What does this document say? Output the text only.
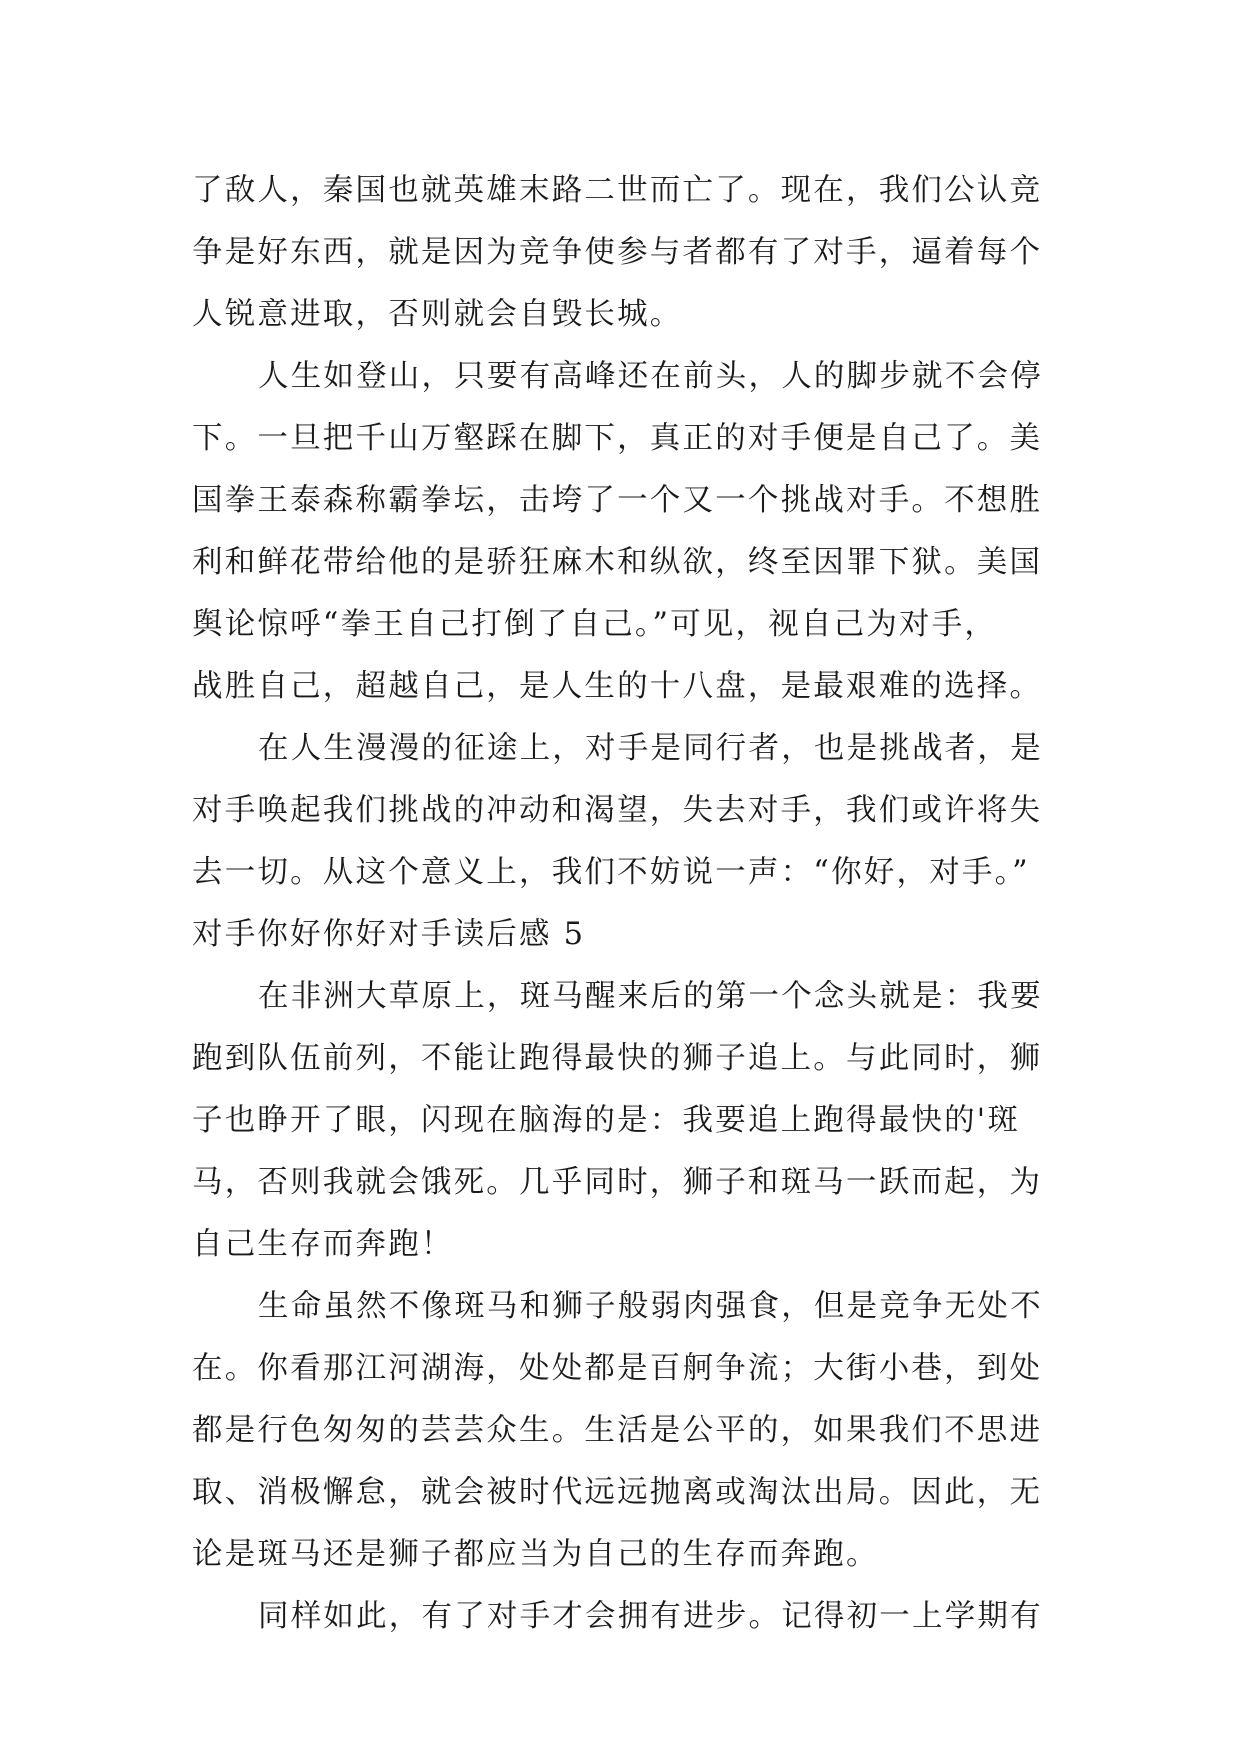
了敌人，秦国也就英雄末路二世而亡了。现在，我们公认竞
争是好东西，就是因为竞争使参与者都有了对手，逼着每个
人锐意进取，否则就会自毁长城。
人生如登山，只要有高峰还在前头，人的脚步就不会停
下。一旦把千山万壑踩在脚下，真正的对手便是自己了。美
国拳王泰森称霸拳坛，击垮了一个又一个挑战对手。不想胜
利和鲜花带给他的是骄狂麻木和纵欲，终至因罪下狱。美国
舆论惊呼“拳王自己打倒了自己。”可见，视自己为对手，
战胜自己，超越自己，是人生的十八盘，是最艰难的选择。
在人生漫漫的征途上，对手是同行者，也是挑战者，是
对手唤起我们挑战的冲动和渴望，失去对手，我们或许将失
去一切。从这个意义上，我们不妨说一声：“你好，对手。”
对手你好你好对手读后感 5
在非洲大草原上，斑马醒来后的第一个念头就是：我要
跑到队伍前列，不能让跑得最快的狮子追上。与此同时，狮
子也睁开了眼，闪现在脑海的是：我要追上跑得最快的'斑
马，否则我就会饿死。几乎同时，狮子和斑马一跃而起，为
自己生存而奔跑！
生命虽然不像斑马和狮子般弱肉强食，但是竞争无处不
在。你看那江河湖海，处处都是百舸争流；大街小巷，到处
都是行色匆匆的芸芸众生。生活是公平的，如果我们不思进
取、消极懈怠，就会被时代远远抛离或淘汰出局。因此，无
论是斑马还是狮子都应当为自己的生存而奔跑。
同样如此，有了对手才会拥有进步。记得初一上学期有
